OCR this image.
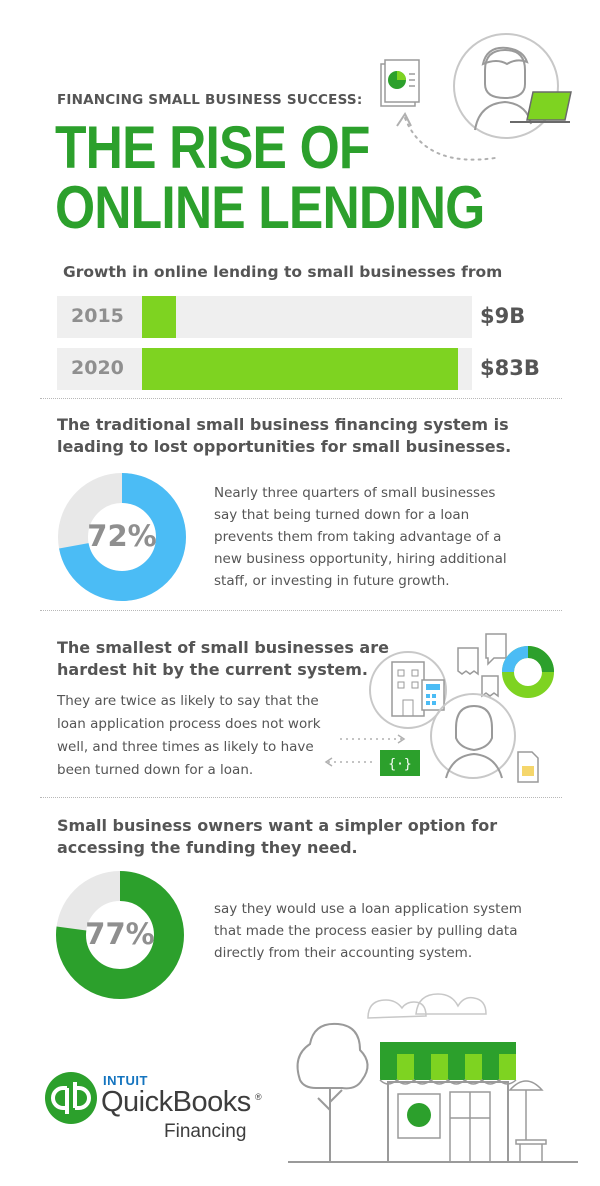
FINANCING SMALL BUSINESS SUCCESS:
THE RISE OF
ONLINE LENDING
Growth in online lending to small businesses from
2015	$9B
2020	$83B
The traditional small business financing system is
leading to lost opportunities for small businesses.
72%
Nearly three quarters of small businesses
say that being turned down for a loan
prevents them from taking advantage of a
new business opportunity, hiring additional
staff, or investing in future growth.
The smallest of small businesses are
hardest hit by the current system.
They are twice as likely to say that the
loan application process does not work
well, and three times as likely to have
been turned down for a loan.	{·}
Small business owners want a simpler option for
accessing the funding they need.
77%
say they would use a loan application system
that made the process easier by pulling data
directly from their accounting system.
INTUIT
QuickBooks ®
Financing
